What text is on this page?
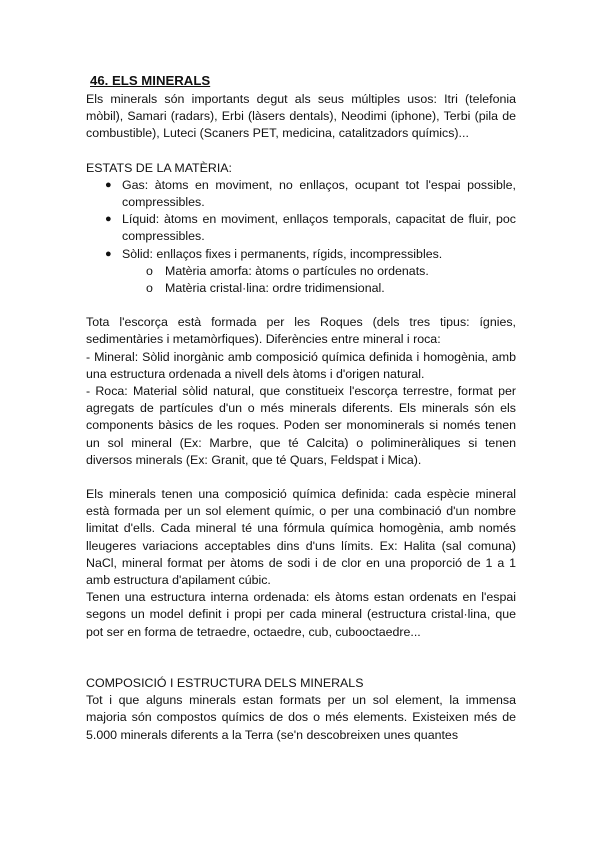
46. ELS MINERALS

Els minerals són importants degut als seus múltiples usos: Itri (telefonia mòbil), Samari (radars), Erbi (làsers dentals), Neodimi (iphone), Terbi (pila de combustible), Luteci (Scaners PET, medicina, catalitzadors químics)...

ESTATS DE LA MATÈRIA:
● Gas: àtoms en moviment, no enllaços, ocupant tot l'espai possible, compressibles.
● Líquid: àtoms en moviment, enllaços temporals, capacitat de fluir, poc compressibles.
● Sòlid: enllaços fixes i permanents, rígids, incompressibles.
o Matèria amorfa: àtoms o partícules no ordenats.
o Matèria cristal·lina: ordre tridimensional.

Tota l'escorça està formada per les Roques (dels tres tipus: ígnies, sedimentàries i metamòrfiques). Diferències entre mineral i roca:

- Mineral: Sòlid inorgànic amb composició química definida i homogènia, amb una estructura ordenada a nivell dels àtoms i d'origen natural.

- Roca: Material sòlid natural, que constitueix l'escorça terrestre, format per agregats de partícules d'un o més minerals diferents. Els minerals són els components bàsics de les roques. Poden ser monominerals si només tenen un sol mineral (Ex: Marbre, que té Calcita) o polimineràliques si tenen diversos minerals (Ex: Granit, que té Quars, Feldspat i Mica).

Els minerals tenen una composició química definida: cada espècie mineral està formada per un sol element químic, o per una combinació d'un nombre limitat d'ells. Cada mineral té una fórmula química homogènia, amb només lleugeres variacions acceptables dins d'uns límits. Ex: Halita (sal comuna) NaCl, mineral format per àtoms de sodi i de clor en una proporció de 1 a 1 amb estructura d'apilament cúbic.

Tenen una estructura interna ordenada: els àtoms estan ordenats en l'espai segons un model definit i propi per cada mineral (estructura cristal·lina, que pot ser en forma de tetraedre, octaedre, cub, cubooctaedre...

COMPOSICIÓ I ESTRUCTURA DELS MINERALS

Tot i que alguns minerals estan formats per un sol element, la immensa majoria són compostos químics de dos o més elements. Existeixen més de 5.000 minerals diferents a la Terra (se'n descobreixen unes quantes
